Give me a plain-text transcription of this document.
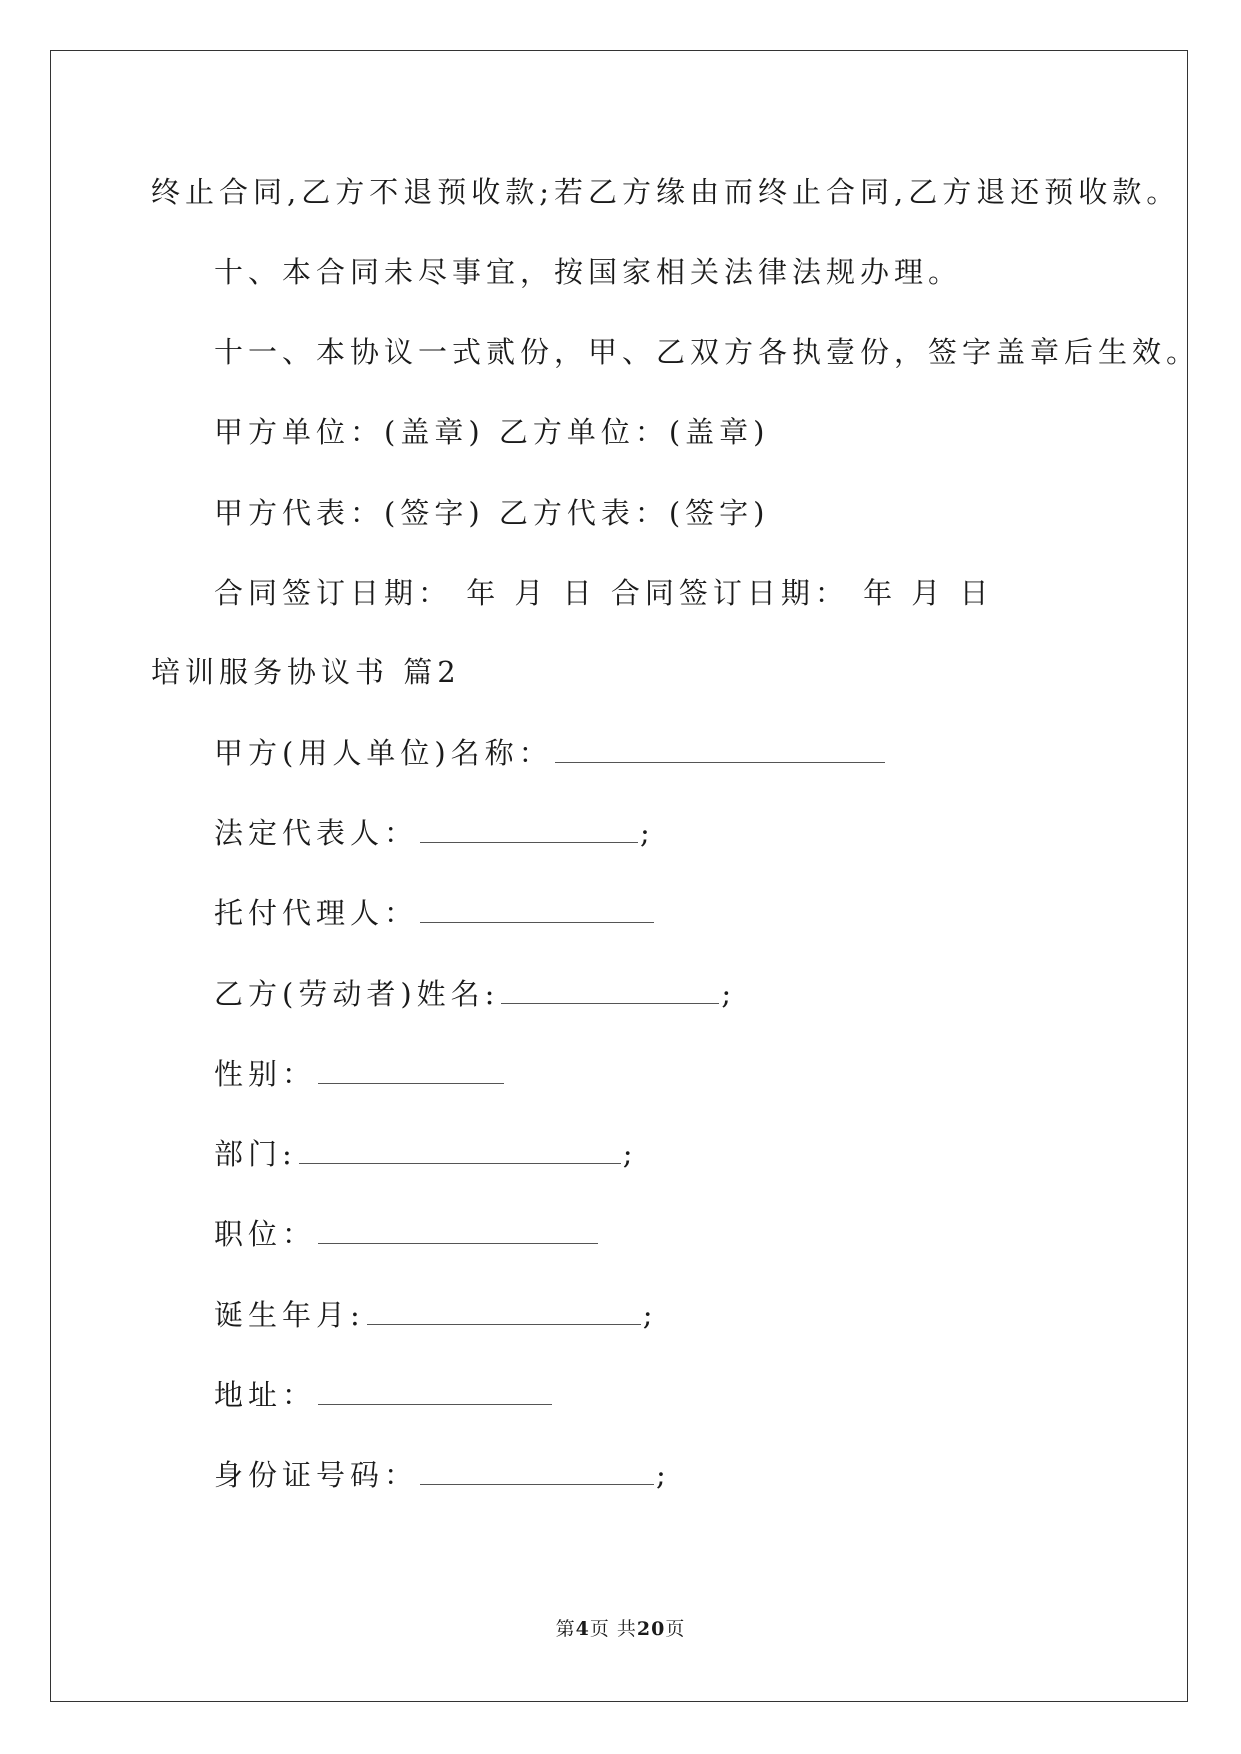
终止合同,乙方不退预收款;若乙方缘由而终止合同,乙方退还预收款。
十、本合同未尽事宜，按国家相关法律法规办理。
十一、本协议一式贰份，甲、乙双方各执壹份，签字盖章后生效。
甲方单位：(盖章) 乙方单位：(盖章)
甲方代表：(签字) 乙方代表：(签字)
合同签订日期： 年 月 日 合同签订日期： 年 月 日
培训服务协议书 篇2
甲方(用人单位)名称：
法定代表人：	;
托付代理人：
乙方(劳动者)姓名:	;
性别：
部门:	;
职位：
诞生年月:	;
地址：
身份证号码：	;
第4页 共20页
